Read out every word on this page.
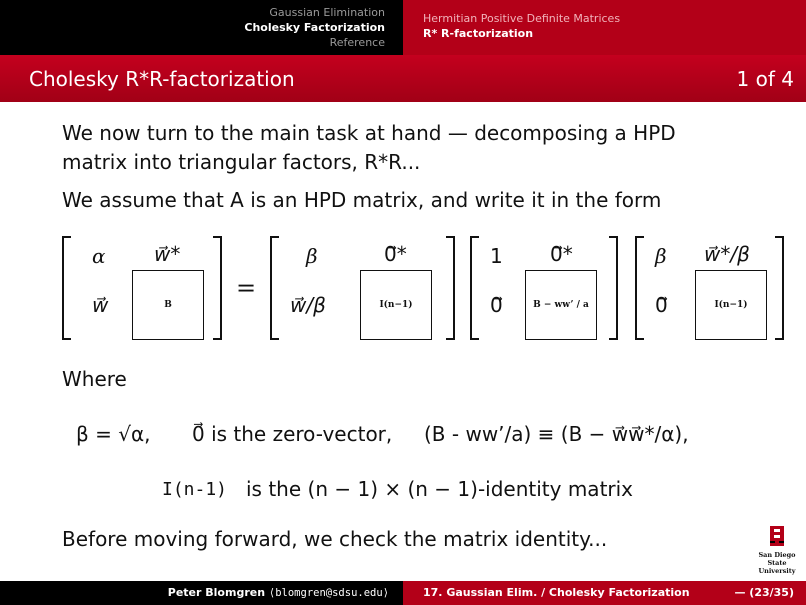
Gaussian Elimination
Cholesky Factorization
Reference
Hermitian Positive Definite Matrices
R* R-factorization
Cholesky R*R-factorization	1 of 4
We now turn to the main task at hand — decomposing a HPD
matrix into triangular factors, R*R...
We assume that A is an HPD matrix, and write it in the form
α w⃗*
w⃗	B
=
β	0⃗*
w⃗/β	I(n−1)
1 0⃗*
0⃗	B − ww’ / a
β w⃗*/β
0⃗	I(n−1)
Where
β = √α, 0⃗ is the zero-vector, (B - ww’/a) ≡ (B − w⃗w⃗*/α),
I(n-1) is the (n − 1) × (n − 1)-identity matrix
Before moving forward, we check the matrix identity...
San Diego State
University
Peter Blomgren ⟨blomgren@sdsu.edu⟩	17. Gaussian Elim. / Cholesky Factorization	— (23/35)
